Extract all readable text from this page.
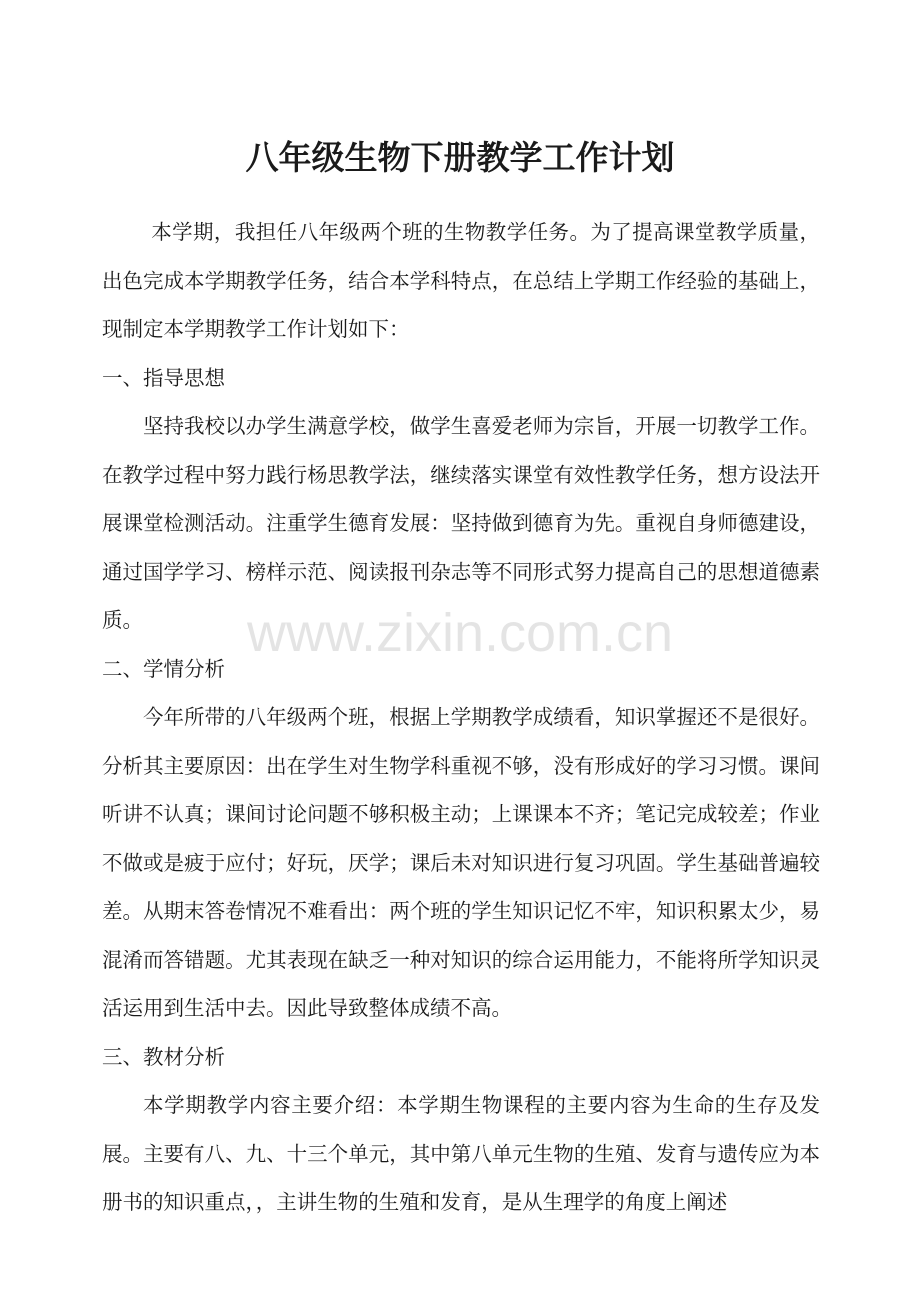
八年级生物下册教学工作计划

本学期，我担任八年级两个班的生物教学任务。为了提高课堂教学质量，出色完成本学期教学任务，结合本学科特点，在总结上学期工作经验的基础上，现制定本学期教学工作计划如下：

一、指导思想

坚持我校以办学生满意学校，做学生喜爱老师为宗旨，开展一切教学工作。在教学过程中努力践行杨思教学法，继续落实课堂有效性教学任务，想方设法开展课堂检测活动。注重学生德育发展：坚持做到德育为先。重视自身师德建设，通过国学学习、榜样示范、阅读报刊杂志等不同形式努力提高自己的思想道德素质。

二、学情分析

今年所带的八年级两个班，根据上学期教学成绩看，知识掌握还不是很好。分析其主要原因：出在学生对生物学科重视不够，没有形成好的学习习惯。课间听讲不认真；课间讨论问题不够积极主动；上课课本不齐；笔记完成较差；作业不做或是疲于应付；好玩，厌学；课后未对知识进行复习巩固。学生基础普遍较差。从期末答卷情况不难看出：两个班的学生知识记忆不牢，知识积累太少，易混淆而答错题。尤其表现在缺乏一种对知识的综合运用能力，不能将所学知识灵活运用到生活中去。因此导致整体成绩不高。

三、教材分析

本学期教学内容主要介绍：本学期生物课程的主要内容为生命的生存及发展。主要有八、九、十三个单元，其中第八单元生物的生殖、发育与遗传应为本册书的知识重点，，主讲生物的生殖和发育，是从生理学的角度上阐述

www.zixin.com.cn
